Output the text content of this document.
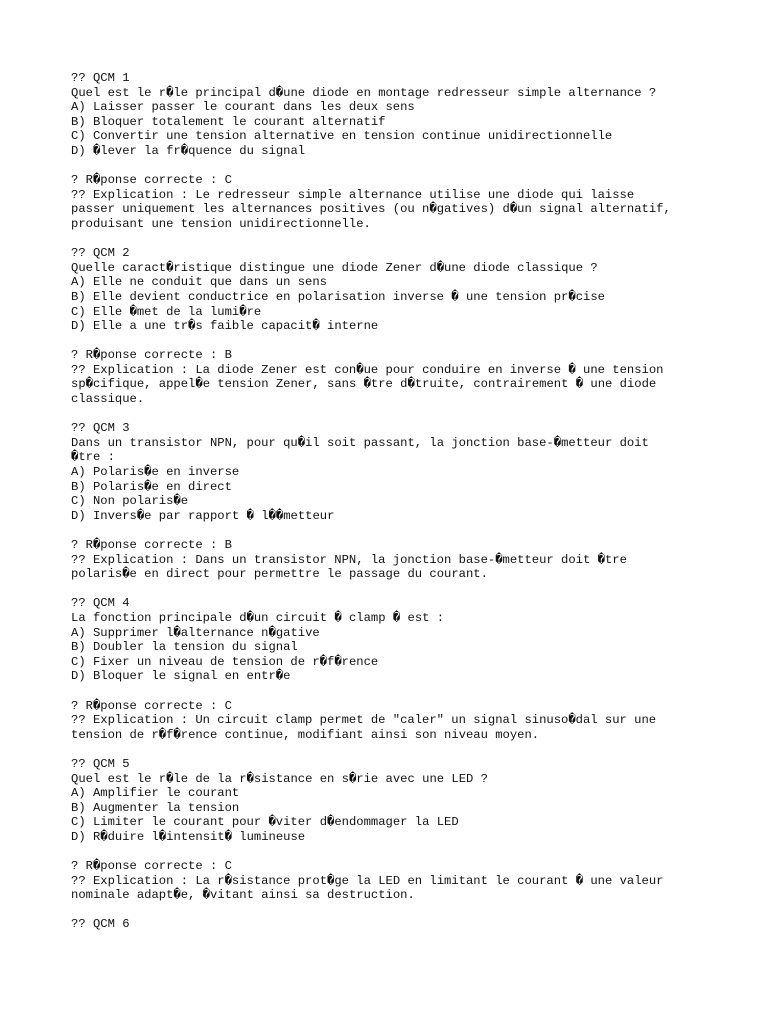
?? QCM 1
Quel est le r�le principal d�une diode en montage redresseur simple alternance ?
A) Laisser passer le courant dans les deux sens
B) Bloquer totalement le courant alternatif
C) Convertir une tension alternative en tension continue unidirectionnelle
D) �lever la fr�quence du signal
? R�ponse correcte : C
?? Explication : Le redresseur simple alternance utilise une diode qui laisse
passer uniquement les alternances positives (ou n�gatives) d�un signal alternatif,
produisant une tension unidirectionnelle.
?? QCM 2
Quelle caract�ristique distingue une diode Zener d�une diode classique ?
A) Elle ne conduit que dans un sens
B) Elle devient conductrice en polarisation inverse � une tension pr�cise
C) Elle �met de la lumi�re
D) Elle a une tr�s faible capacit� interne
? R�ponse correcte : B
?? Explication : La diode Zener est con�ue pour conduire en inverse � une tension
sp�cifique, appel�e tension Zener, sans �tre d�truite, contrairement � une diode
classique.
?? QCM 3
Dans un transistor NPN, pour qu�il soit passant, la jonction base-�metteur doit
�tre :
A) Polaris�e en inverse
B) Polaris�e en direct
C) Non polaris�e
D) Invers�e par rapport � l��metteur
? R�ponse correcte : B
?? Explication : Dans un transistor NPN, la jonction base-�metteur doit �tre
polaris�e en direct pour permettre le passage du courant.
?? QCM 4
La fonction principale d�un circuit � clamp � est :
A) Supprimer l�alternance n�gative
B) Doubler la tension du signal
C) Fixer un niveau de tension de r�f�rence
D) Bloquer le signal en entr�e
? R�ponse correcte : C
?? Explication : Un circuit clamp permet de "caler" un signal sinuso�dal sur une
tension de r�f�rence continue, modifiant ainsi son niveau moyen.
?? QCM 5
Quel est le r�le de la r�sistance en s�rie avec une LED ?
A) Amplifier le courant
B) Augmenter la tension
C) Limiter le courant pour �viter d�endommager la LED
D) R�duire l�intensit� lumineuse
? R�ponse correcte : C
?? Explication : La r�sistance prot�ge la LED en limitant le courant � une valeur
nominale adapt�e, �vitant ainsi sa destruction.
?? QCM 6
